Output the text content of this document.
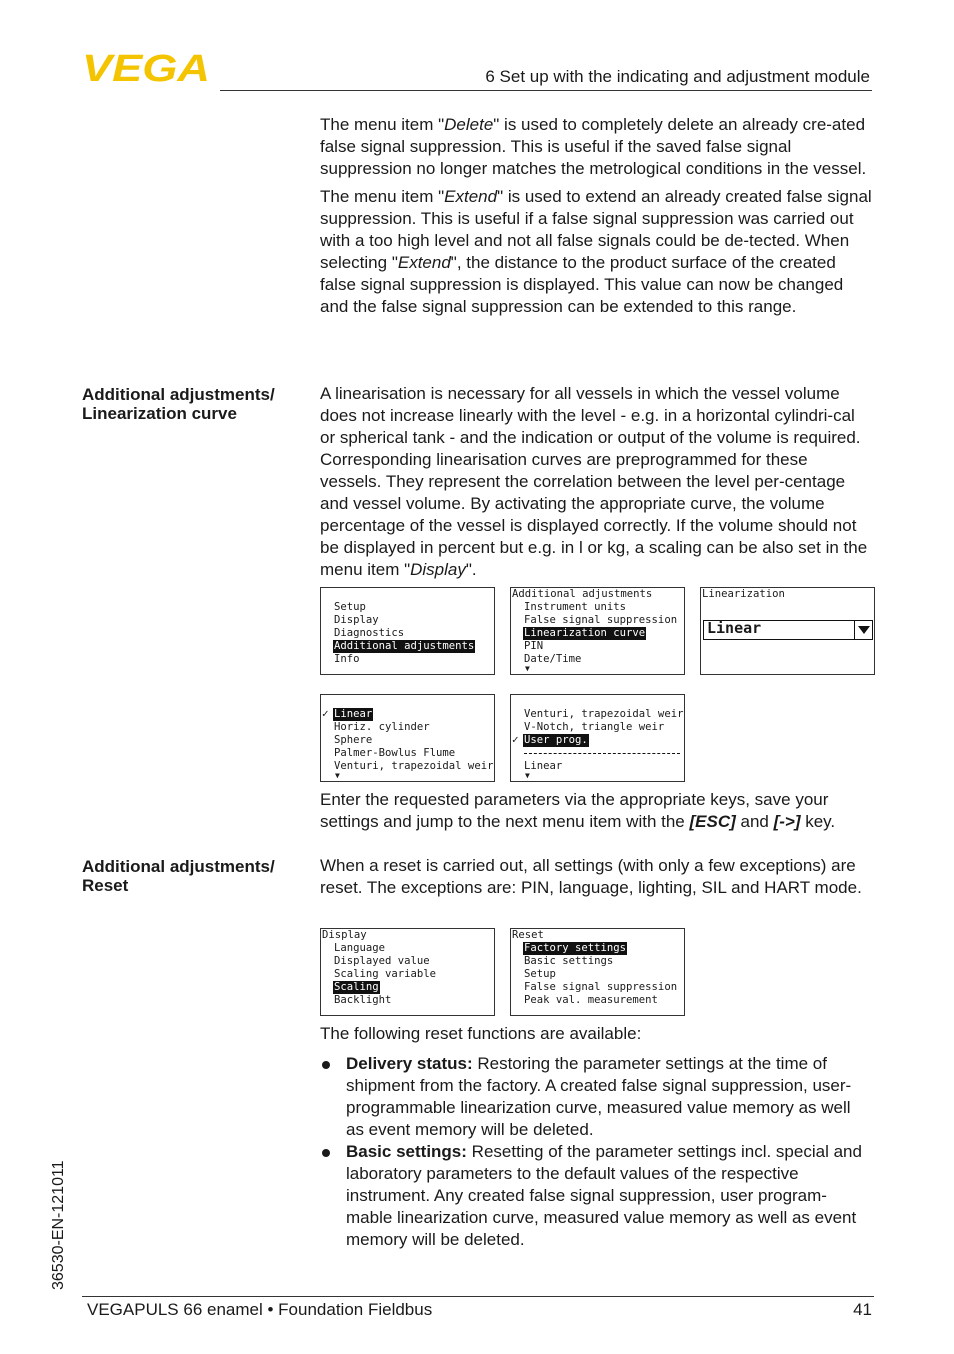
VEGA	6 Set up with the indicating and adjustment module

The menu item "Delete" is used to completely delete an already cre-ated false signal suppression. This is useful if the saved false signal suppression no longer matches the metrological conditions in the vessel.

The menu item "Extend" is used to extend an already created false signal suppression. This is useful if a false signal suppression was carried out with a too high level and not all false signals could be de-tected. When selecting "Extend", the distance to the product surface of the created false signal suppression is displayed. This value can now be changed and the false signal suppression can be extended to this range.

Additional adjustments/
Linearization curve

A linearisation is necessary for all vessels in which the vessel volume does not increase linearly with the level - e.g. in a horizontal cylindri-cal or spherical tank - and the indication or output of the volume is required. Corresponding linearisation curves are preprogrammed for these vessels. They represent the correlation between the level per-centage and vessel volume. By activating the appropriate curve, the volume percentage of the vessel is displayed correctly. If the volume should not be displayed in percent but e.g. in l or kg, a scaling can be also set in the menu item "Display".

Setup
Display
Diagnostics
Additional adjustments
Info
Additional adjustments
Instrument units
False signal suppression
Linearization curve
PIN
Date/Time
▼
Linearization
Linear
✓ Linear
Horiz. cylinder
Sphere
Palmer-Bowlus Flume
Venturi, trapezoidal weir
▼
Venturi, trapezoidal weir
V-Notch, triangle weir
✓ User prog.
Linear
▼

Enter the requested parameters via the appropriate keys, save your settings and jump to the next menu item with the [ESC] and [->] key.

Additional adjustments/
Reset

When a reset is carried out, all settings (with only a few exceptions) are reset. The exceptions are: PIN, language, lighting, SIL and HART mode.

Display
Language
Displayed value
Scaling variable
Scaling
Backlight
Reset
Factory settings
Basic settings
Setup
False signal suppression
Peak val. measurement

The following reset functions are available:

Delivery status: Restoring the parameter settings at the time of shipment from the factory. A created false signal suppression, user-programmable linearization curve, measured value memory as well as event memory will be deleted.
Basic settings: Resetting of the parameter settings incl. special and laboratory parameters to the default values of the respective instrument. Any created false signal suppression, user program-mable linearization curve, measured value memory as well as event memory will be deleted.
36530-EN-121011
VEGAPULS 66 enamel • Foundation Fieldbus	41
